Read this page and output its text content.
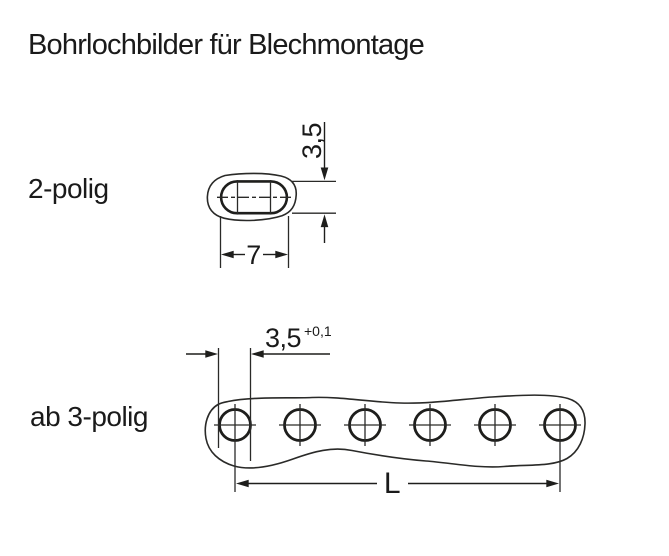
Bohrlochbilder für Blechmontage
2-polig
ab 3-polig
3,5
7
3,5 +0,1
L
